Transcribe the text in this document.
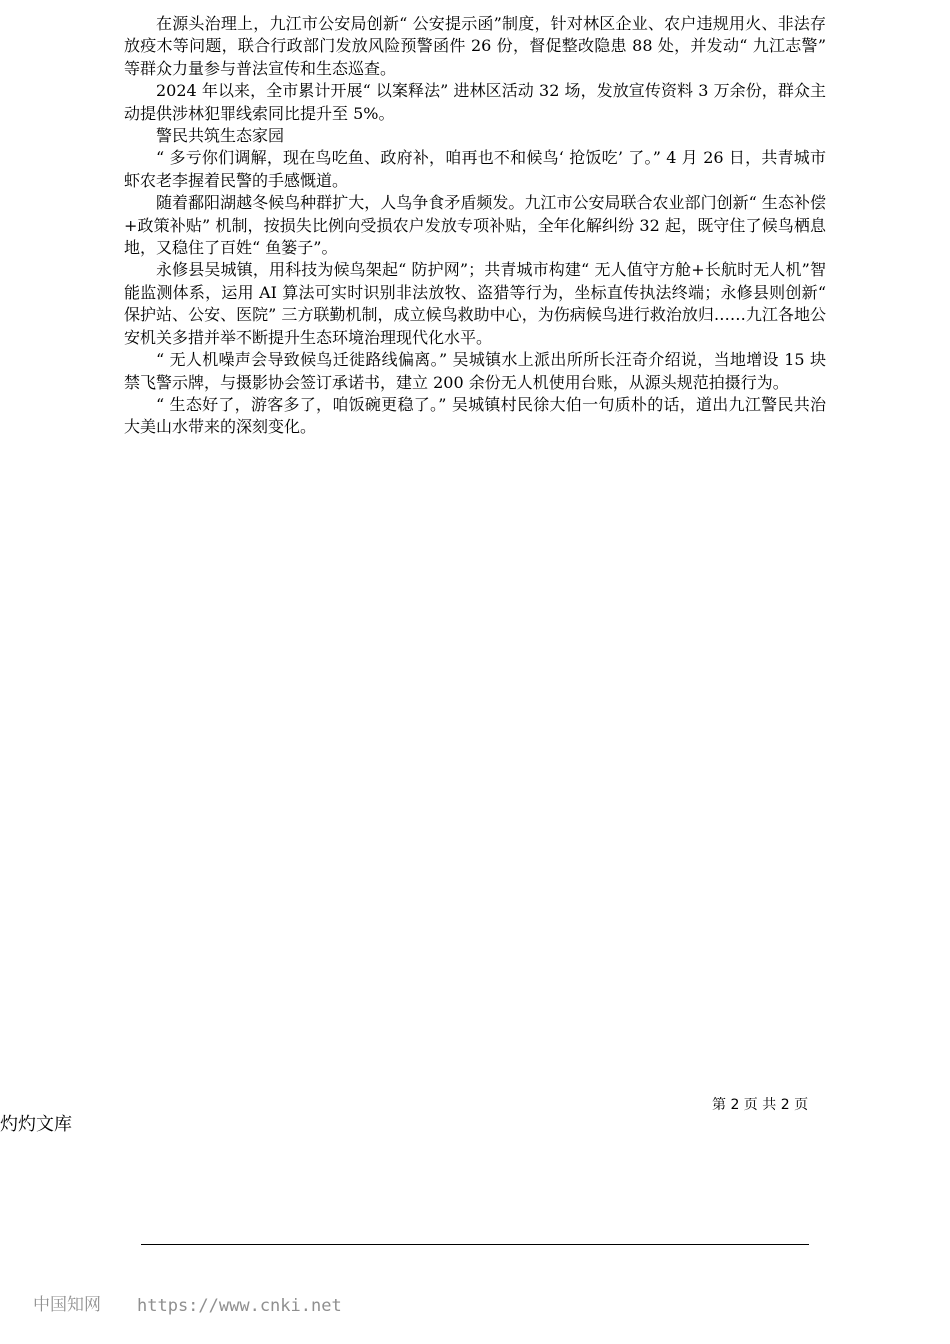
在源头治理上，九江市公安局创新“ 公安提示函”制度，针对林区企业、农户违规用火、非法存放疫木等问题，联合行政部门发放风险预警函件 26 份，督促整改隐患 88 处，并发动“ 九江志警” 等群众力量参与普法宣传和生态巡查。

2024 年以来，全市累计开展“ 以案释法” 进林区活动 32 场，发放宣传资料 3 万余份，群众主动提供涉林犯罪线索同比提升至 5%。

警民共筑生态家园

“ 多亏你们调解，现在鸟吃鱼、政府补，咱再也不和候鸟‘ 抢饭吃’ 了。” 4 月 26 日，共青城市虾农老李握着民警的手感慨道。

随着鄱阳湖越冬候鸟种群扩大，人鸟争食矛盾频发。九江市公安局联合农业部门创新“ 生态补偿+政策补贴” 机制，按损失比例向受损农户发放专项补贴，全年化解纠纷 32 起，既守住了候鸟栖息地，又稳住了百姓“ 鱼篓子”。

永修县吴城镇，用科技为候鸟架起“ 防护网”；共青城市构建“ 无人值守方舱+长航时无人机”智能监测体系，运用 AI 算法可实时识别非法放牧、盗猎等行为，坐标直传执法终端；永修县则创新“ 保护站、公安、医院” 三方联勤机制，成立候鸟救助中心，为伤病候鸟进行救治放归……九江各地公安机关多措并举不断提升生态环境治理现代化水平。

“ 无人机噪声会导致候鸟迁徙路线偏离。” 吴城镇水上派出所所长汪奇介绍说，当地增设 15 块禁飞警示牌，与摄影协会签订承诺书，建立 200 余份无人机使用台账，从源头规范拍摄行为。

“ 生态好了，游客多了，咱饭碗更稳了。” 吴城镇村民徐大伯一句质朴的话，道出九江警民共治大美山水带来的深刻变化。

第 2 页 共 2 页
灼灼文库
中国知网 https://www.cnki.net
